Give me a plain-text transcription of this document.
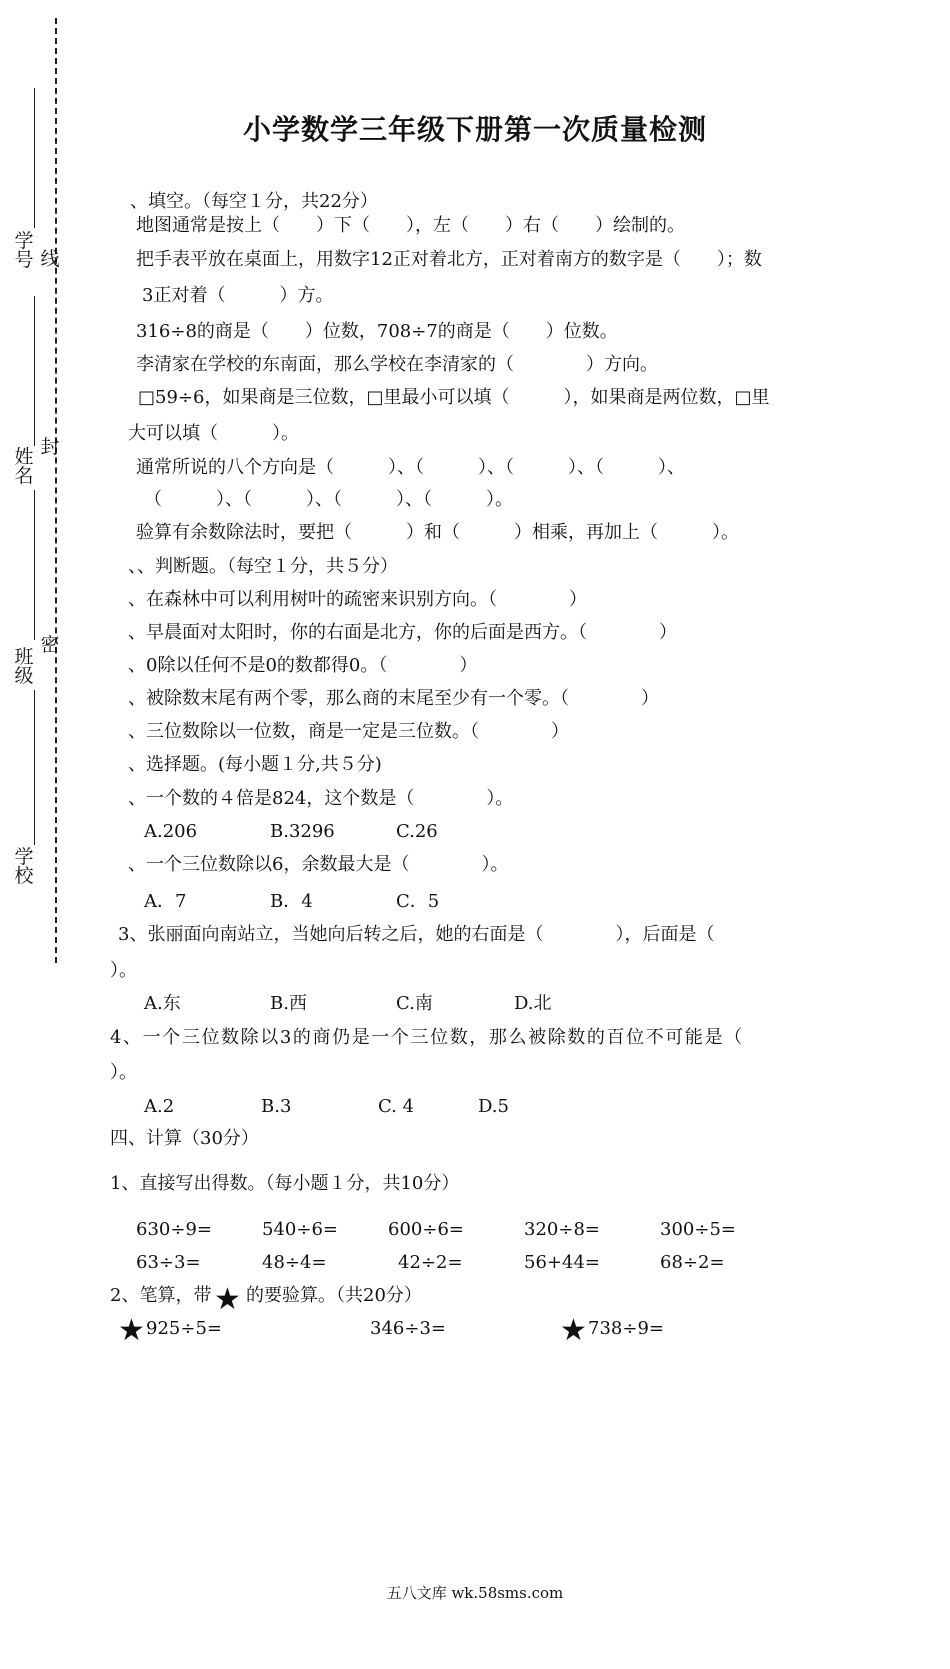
学号 线
姓名
封
班级
密
学校
小学数学三年级下册第一次质量检测
、填空。（每空１分，共22分）
地图通常是按上（　　）下（　　），左（　　）右（　　）绘制的。
把手表平放在桌面上，用数字12正对着北方，正对着南方的数字是（　　）；数
3正对着（　　　）方。
316÷8的商是（　　）位数，708÷7的商是（　　）位数。
李清家在学校的东南面，那么学校在李清家的（　　　　）方向。
□59÷6，如果商是三位数，□里最小可以填（　　　），如果商是两位数，□里
大可以填（　　　）。
通常所说的八个方向是（　　　）、（　　　）、（　　　）、（　　　）、
（　　　）、（　　　）、（　　　）、（　　　）。
验算有余数除法时，要把（　　　）和（　　　）相乘，再加上（　　　）。
、、判断题。（每空１分，共５分）
、在森林中可以利用树叶的疏密来识别方向。（　　　　）
、早晨面对太阳时，你的右面是北方，你的后面是西方。（　　　　）
、0除以任何不是0的数都得0。（　　　　）
、被除数末尾有两个零，那么商的末尾至少有一个零。（　　　　）
、三位数除以一位数，商是一定是三位数。（　　　　）
、选择题。(每小题１分,共５分)
、一个数的４倍是824，这个数是（　　　　）。
A.206	B.3296	C.26
、一个三位数除以6，余数最大是（　　　　）。
A．7	B．4	C．5
3、张丽面向南站立，当她向后转之后，她的右面是（　　　　），后面是（
）。
A.东	B.西	C.南	D.北
4、一个三位数除以3的商仍是一个三位数，那么被除数的百位不可能是（
）。
A.2	B.3	C. 4	D.5
四、计算（30分）
1、直接写出得数。（每小题１分，共10分）
630÷9=	540÷6=	600÷6=	320÷8=	300÷5=
63÷3=	48÷4=	42÷2=	56+44=	68÷2=
2、笔算，带 ★ 的要验算。（共20分）
★ 925÷5=	346÷3=	★ 738÷9=
五八文库 wk.58sms.com
